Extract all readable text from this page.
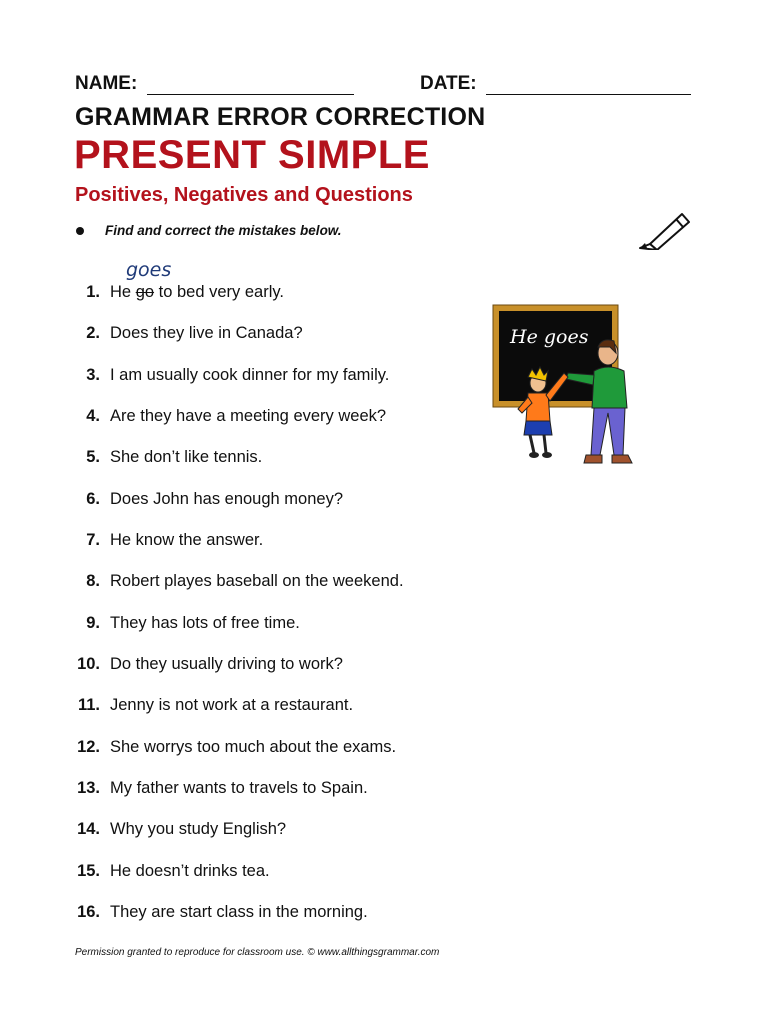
NAME:	DATE:
GRAMMAR ERROR CORRECTION
PRESENT SIMPLE
Positives, Negatives and Questions
Find and correct the mistakes below.
He goes
goes
1. He go to bed very early.
2. Does they live in Canada?
3. I am usually cook dinner for my family.
4. Are they have a meeting every week?
5. She don’t like tennis.
6. Does John has enough money?
7. He know the answer.
8. Robert playes baseball on the weekend.
9. They has lots of free time.
10. Do they usually driving to work?
11. Jenny is not work at a restaurant.
12. She worrys too much about the exams.
13. My father wants to travels to Spain.
14. Why you study English?
15. He doesn’t drinks tea.
16. They are start class in the morning.
Permission granted to reproduce for classroom use. © www.allthingsgrammar.com
